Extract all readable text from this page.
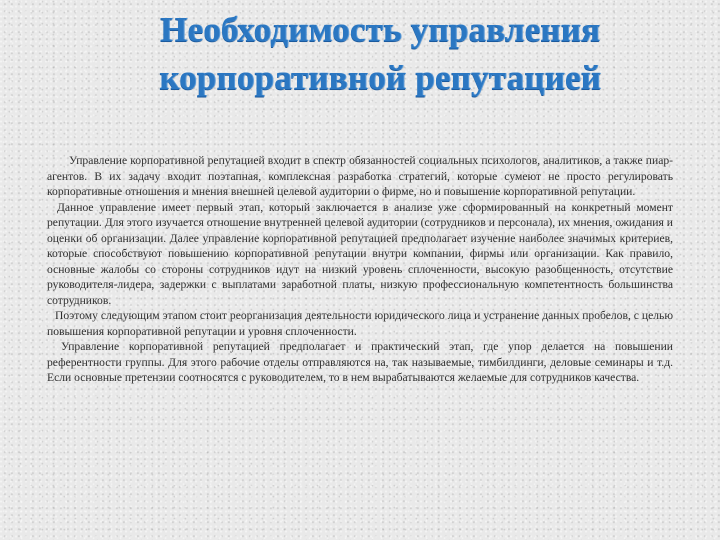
Необходимость управления
корпоративной репутацией

Управление корпоративной репутацией входит в спектр обязанностей социальных психологов, аналитиков, а также пиар-агентов. В их задачу входит поэтапная, комплексная разработка стратегий, которые сумеют не просто регулировать корпоративные отношения и мнения внешней целевой аудитории о фирме, но и повышение корпоративной репутации.

Данное управление имеет первый этап, который заключается в анализе уже сформированный на конкретный момент репутации. Для этого изучается отношение внутренней целевой аудитории (сотрудников и персонала), их мнения, ожидания и оценки об организации. Далее управление корпоративной репутацией предполагает изучение наиболее значимых критериев, которые способствуют повышению корпоративной репутации внутри компании, фирмы или организации. Как правило, основные жалобы со стороны сотрудников идут на низкий уровень сплоченности, высокую разобщенность, отсутствие руководителя-лидера, задержки с выплатами заработной платы, низкую профессиональную компетентность большинства сотрудников.

Поэтому следующим этапом стоит реорганизация деятельности юридического лица и устранение данных пробелов, с целью повышения корпоративной репутации и уровня сплоченности.

Управление корпоративной репутацией предполагает и практический этап, где упор делается на повышении референтности группы. Для этого рабочие отделы отправляются на, так называемые, тимбилдинги, деловые семинары и т.д. Если основные претензии соотносятся с руководителем, то в нем вырабатываются желаемые для сотрудников качества.
